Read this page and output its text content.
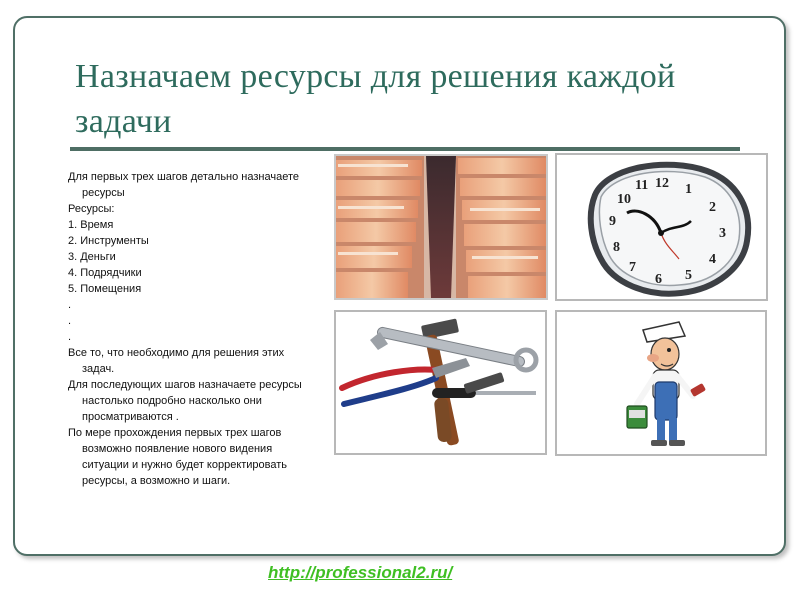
Назначаем ресурсы для решения каждой задачи

Для первых трех шагов детально назначаете ресурсы

Ресурсы:

1. Время

2. Инструменты

3. Деньги

4. Подрядчики

5. Помещения

.

.

.

Все то, что необходимо для решения этих задач.

Для последующих шагов назначаете ресурсы настолько подробно насколько они просматриваются .

По мере прохождения первых трех шагов возможно появление нового видения ситуации и нужно будет корректировать ресурсы, а возможно и шаги.

12 1
2
3
4
5
6
7
8
9
10
11
http://professional2.ru/
